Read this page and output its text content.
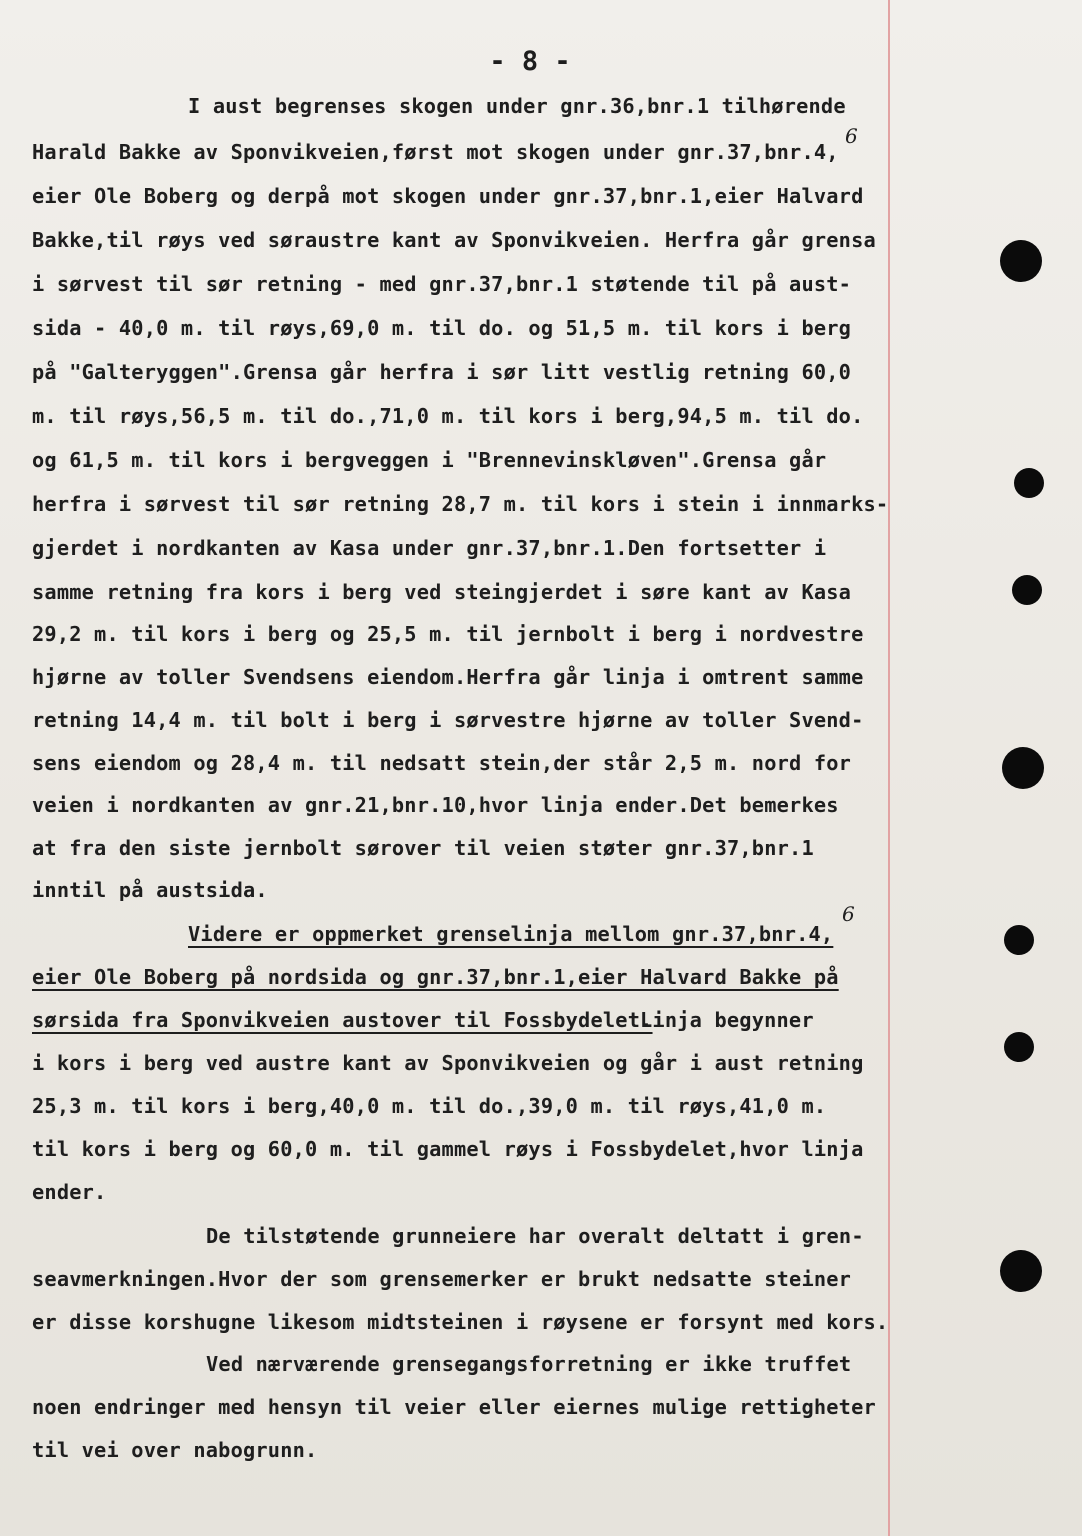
- 8 -
I aust begrenses skogen under gnr.36,bnr.1 tilhørende
Harald Bakke av Sponvikveien,først mot skogen under gnr.37,bnr.4,
eier Ole Boberg og derpå mot skogen under gnr.37,bnr.1,eier Halvard
Bakke,til røys ved søraustre kant av Sponvikveien. Herfra går grensa
i sørvest til sør retning - med gnr.37,bnr.1 støtende til på aust-
sida - 40,0 m. til røys,69,0 m. til do. og 51,5 m. til kors i berg
på "Galteryggen".Grensa går herfra i sør litt vestlig retning 60,0
m. til røys,56,5 m. til do.,71,0 m. til kors i berg,94,5 m. til do.
og 61,5 m. til kors i bergveggen i "Brennevinskløven".Grensa går
herfra i sørvest til sør retning 28,7 m. til kors i stein i innmarks-
gjerdet i nordkanten av Kasa under gnr.37,bnr.1.Den fortsetter i
samme retning fra kors i berg ved steingjerdet i søre kant av Kasa
29,2 m. til kors i berg og 25,5 m. til jernbolt i berg i nordvestre
hjørne av toller Svendsens eiendom.Herfra går linja i omtrent samme
retning 14,4 m. til bolt i berg i sørvestre hjørne av toller Svend-
sens eiendom og 28,4 m. til nedsatt stein,der står 2,5 m. nord for
veien i nordkanten av gnr.21,bnr.10,hvor linja ender.Det bemerkes
at fra den siste jernbolt sørover til veien støter gnr.37,bnr.1
inntil på austsida.
Videre er oppmerket grenselinja mellom gnr.37,bnr.4,
eier Ole Boberg på nordsida og gnr.37,bnr.1,eier Halvard Bakke på
sørsida fra Sponvikveien austover til Fossbydelet.
Linja begynner
i kors i berg ved austre kant av Sponvikveien og går i aust retning
25,3 m. til kors i berg,40,0 m. til do.,39,0 m. til røys,41,0 m.
til kors i berg og 60,0 m. til gammel røys i Fossbydelet,hvor linja
ender.
De tilstøtende grunneiere har overalt deltatt i gren-
seavmerkningen.Hvor der som grensemerker er brukt nedsatte steiner
er disse korshugne likesom midtsteinen i røysene er forsynt med kors.
Ved nærværende grensegangsforretning er ikke truffet
noen endringer med hensyn til veier eller eiernes mulige rettigheter
til vei over nabogrunn.
6
6
